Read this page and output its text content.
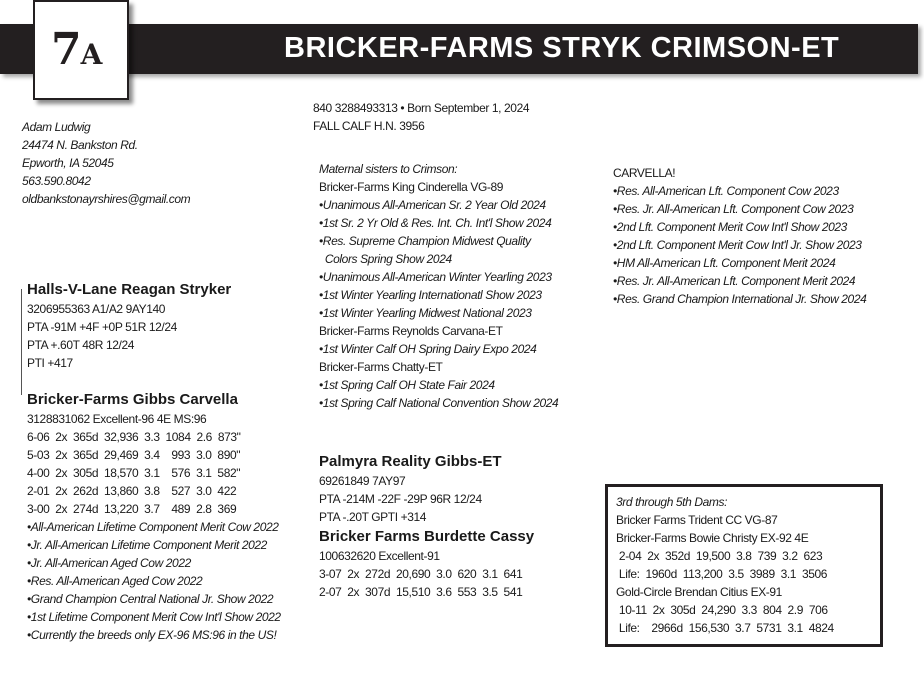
BRICKER-FARMS STRYK CRIMSON-ET
7A
840 3288493313 • Born September 1, 2024
FALL CALF H.N. 3956
Adam Ludwig
24474 N. Bankston Rd.
Epworth, IA 52045
563.590.8042
oldbankstonayrshires@gmail.com
Halls-V-Lane Reagan Stryker
3206955363 A1/A2 9AY140
PTA -91M +4F +0P 51R 12/24
PTA +.60T 48R 12/24
PTI +417
Bricker-Farms Gibbs Carvella
3128831062 Excellent-96 4E MS:96
6-06  2x  365d  32,936  3.3  1084  2.6  873"
5-03  2x  365d  29,469  3.4    993  3.0  890"
4-00  2x  305d  18,570  3.1    576  3.1  582"
2-01  2x  262d  13,860  3.8    527  3.0  422
3-00  2x  274d  13,220  3.7    489  2.8  369
•All-American Lifetime Component Merit Cow 2022
•Jr. All-American Lifetime Component Merit 2022
•Jr. All-American Aged Cow 2022
•Res. All-American Aged Cow 2022
•Grand Champion Central National Jr. Show 2022
•1st Lifetime Component Merit Cow Int'l Show 2022
•Currently the breeds only EX-96 MS:96 in the US!
Maternal sisters to Crimson:
Bricker-Farms King Cinderella VG-89
•Unanimous All-American Sr. 2 Year Old 2024
•1st Sr. 2 Yr Old & Res. Int. Ch. Int'l Show 2024
•Res. Supreme Champion Midwest Quality
Colors Spring Show 2024
•Unanimous All-American Winter Yearling 2023
•1st Winter Yearling Internationatl Show 2023
•1st Winter Yearling Midwest National 2023
Bricker-Farms Reynolds Carvana-ET
•1st Winter Calf OH Spring Dairy Expo 2024
Bricker-Farms Chatty-ET
•1st Spring Calf OH State Fair 2024
•1st Spring Calf National Convention Show 2024
CARVELLA!
•Res. All-American Lft. Component Cow 2023
•Res. Jr. All-American Lft. Component Cow 2023
•2nd Lft. Component Merit Cow Int'l Show 2023
•2nd Lft. Component Merit Cow Int'l Jr. Show 2023
•HM All-American Lft. Component Merit 2024
•Res. Jr. All-American Lft. Component Merit 2024
•Res. Grand Champion International Jr. Show 2024
Palmyra Reality Gibbs-ET
69261849 7AY97
PTA -214M -22F -29P 96R 12/24
PTA -.20T GPTI +314
Bricker Farms Burdette Cassy
100632620 Excellent-91
3-07  2x  272d  20,690  3.0  620  3.1  641
2-07  2x  307d  15,510  3.6  553  3.5  541
3rd through 5th Dams:
Bricker Farms Trident CC VG-87
Bricker-Farms Bowie Christy EX-92 4E
2-04  2x  352d  19,500  3.8  739  3.2  623
Life:  1960d  113,200  3.5  3989  3.1  3506
Gold-Circle Brendan Citius EX-91
10-11  2x  305d  24,290  3.3  804  2.9  706
Life:    2966d  156,530  3.7  5731  3.1  4824
